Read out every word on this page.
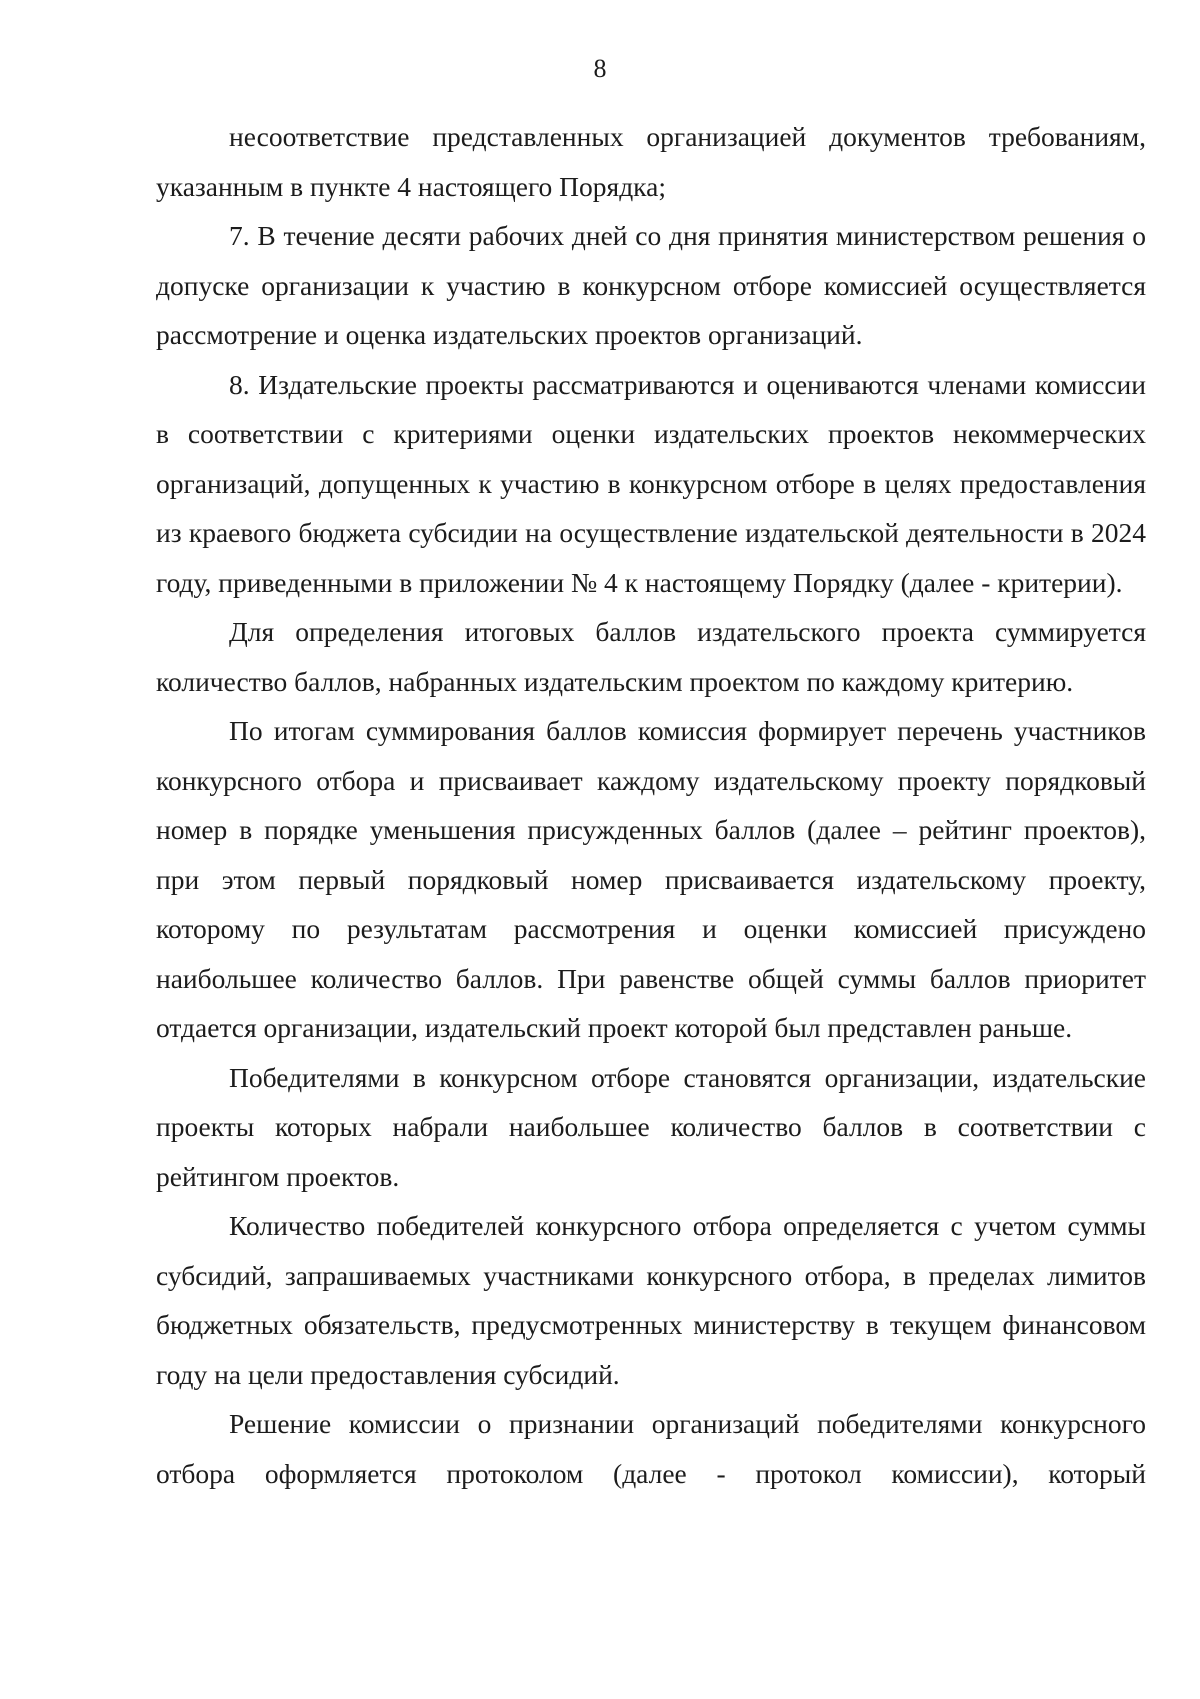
8

несоответствие представленных организацией документов требованиям, указанным в пункте 4 настоящего Порядка;

7. В течение десяти рабочих дней со дня принятия министерством решения о допуске организации к участию в конкурсном отборе комиссией осуществляется рассмотрение и оценка издательских проектов организаций.

8. Издательские проекты рассматриваются и оцениваются членами комиссии в соответствии с критериями оценки издательских проектов некоммерческих организаций, допущенных к участию в конкурсном отборе в целях предоставления из краевого бюджета субсидии на осуществление издательской деятельности в 2024 году, приведенными в приложении № 4 к настоящему Порядку (далее - критерии).

Для определения итоговых баллов издательского проекта суммируется количество баллов, набранных издательским проектом по каждому критерию.

По итогам суммирования баллов комиссия формирует перечень участников конкурсного отбора и присваивает каждому издательскому проекту порядковый номер в порядке уменьшения присужденных баллов (далее – рейтинг проектов), при этом первый порядковый номер присваивается издательскому проекту, которому по результатам рассмотрения и оценки комиссией присуждено наибольшее количество баллов. При равенстве общей суммы баллов приоритет отдается организации, издательский проект которой был представлен раньше.

Победителями в конкурсном отборе становятся организации, издательские проекты которых набрали наибольшее количество баллов в соответствии с рейтингом проектов.

Количество победителей конкурсного отбора определяется с учетом суммы субсидий, запрашиваемых участниками конкурсного отбора, в пределах лимитов бюджетных обязательств, предусмотренных министерству в текущем финансовом году на цели предоставления субсидий.

Решение комиссии о признании организаций победителями конкурсного отбора оформляется протоколом (далее - протокол комиссии), который
